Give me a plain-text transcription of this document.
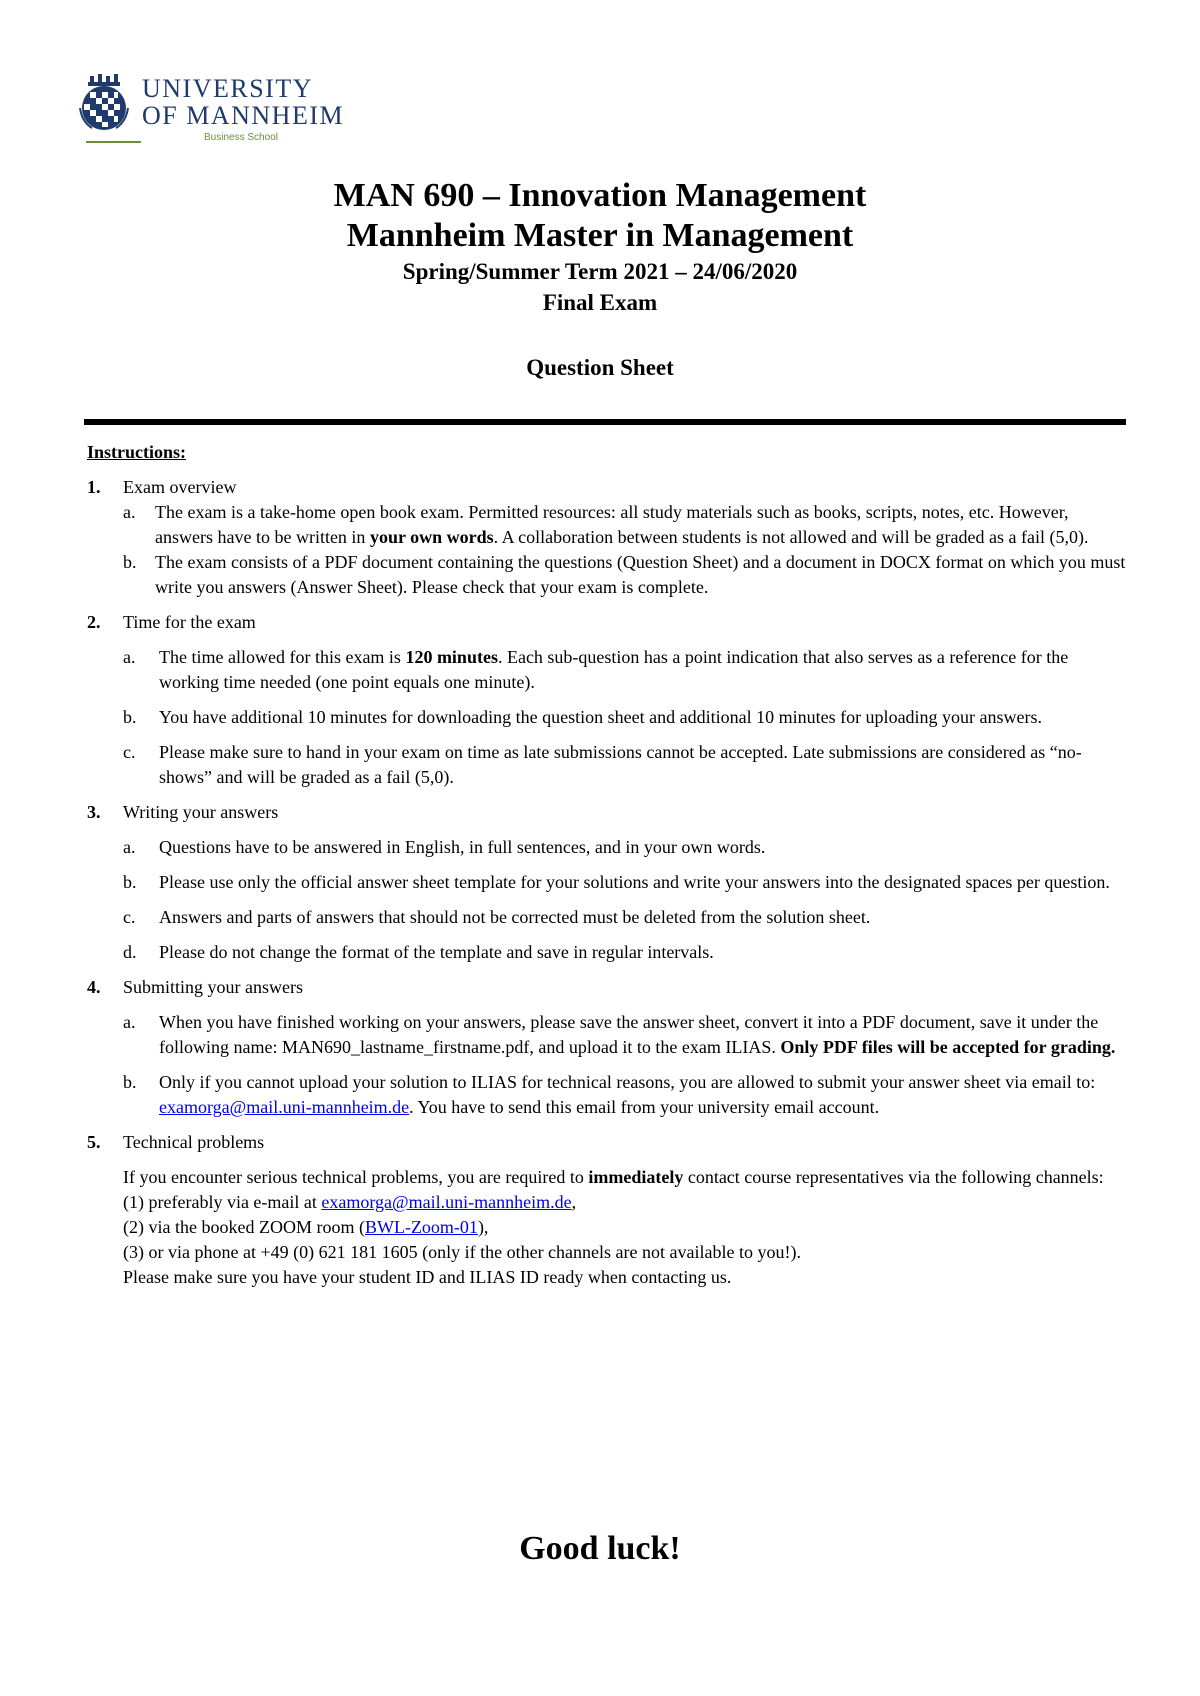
UNIVERSITY
OF MANNHEIM
Business School
MAN 690 – Innovation Management
Mannheim Master in Management
Spring/Summer Term 2021 – 24/06/2020
Final Exam
Question Sheet
Instructions:
1. Exam overview
a. The exam is a take-home open book exam. Permitted resources: all study materials such as books, scripts, notes, etc. However, answers have to be written in your own words. A collaboration between students is not allowed and will be graded as a fail (5,0).
b. The exam consists of a PDF document containing the questions (Question Sheet) and a document in DOCX format on which you must write you answers (Answer Sheet). Please check that your exam is complete.
2. Time for the exam
a. The time allowed for this exam is 120 minutes. Each sub-question has a point indication that also serves as a reference for the working time needed (one point equals one minute).
b. You have additional 10 minutes for downloading the question sheet and additional 10 minutes for uploading your answers.
c. Please make sure to hand in your exam on time as late submissions cannot be accepted. Late submissions are considered as “no-shows” and will be graded as a fail (5,0).
3. Writing your answers
a. Questions have to be answered in English, in full sentences, and in your own words.
b. Please use only the official answer sheet template for your solutions and write your answers into the designated spaces per question.
c. Answers and parts of answers that should not be corrected must be deleted from the solution sheet.
d. Please do not change the format of the template and save in regular intervals.
4. Submitting your answers
a. When you have finished working on your answers, please save the answer sheet, convert it into a PDF document, save it under the following name: MAN690_lastname_firstname.pdf, and upload it to the exam ILIAS. Only PDF files will be accepted for grading.
b. Only if you cannot upload your solution to ILIAS for technical reasons, you are allowed to submit your answer sheet via email to: examorga@mail.uni-mannheim.de. You have to send this email from your university email account.
5. Technical problems
If you encounter serious technical problems, you are required to immediately contact course representatives via the following channels:
(1) preferably via e-mail at examorga@mail.uni-mannheim.de,
(2) via the booked ZOOM room (BWL-Zoom-01),
(3) or via phone at +49 (0) 621 181 1605 (only if the other channels are not available to you!).
Please make sure you have your student ID and ILIAS ID ready when contacting us.
Good luck!
